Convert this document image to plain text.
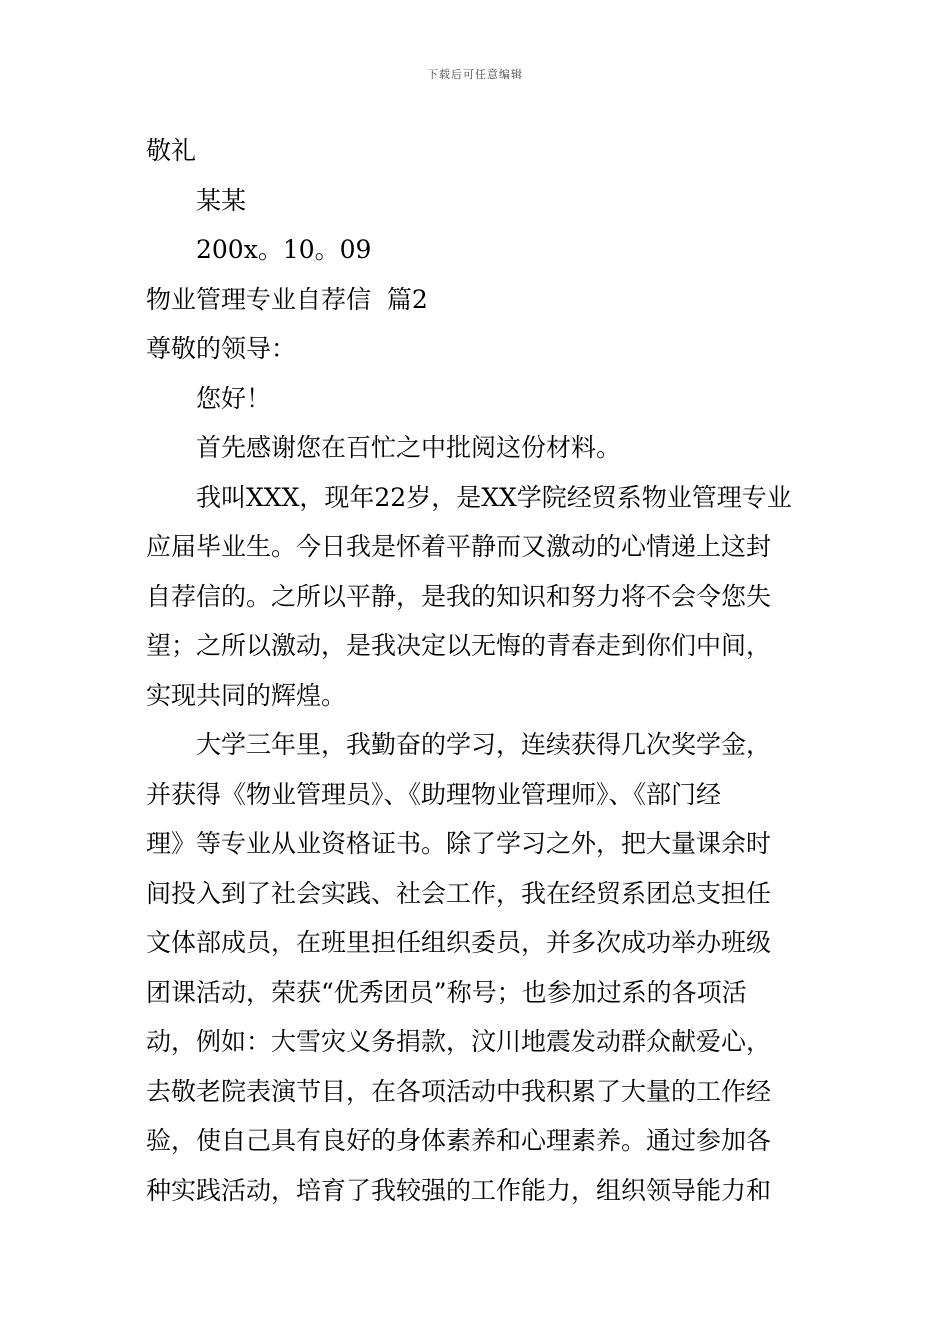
下载后可任意编辑

敬礼

某某

200x。10。09

物业管理专业自荐信  篇2

尊敬的领导：

您好！

首先感谢您在百忙之中批阅这份材料。

我叫XXX，现年22岁，是XX学院经贸系物业管理专业

应届毕业生。今日我是怀着平静而又激动的心情递上这封

自荐信的。之所以平静，是我的知识和努力将不会令您失

望；之所以激动，是我决定以无悔的青春走到你们中间，

实现共同的辉煌。

大学三年里，我勤奋的学习，连续获得几次奖学金，

并获得《物业管理员》、《助理物业管理师》、《部门经

理》等专业从业资格证书。除了学习之外，把大量课余时

间投入到了社会实践、社会工作，我在经贸系团总支担任

文体部成员，在班里担任组织委员，并多次成功举办班级

团课活动，荣获“优秀团员”称号；也参加过系的各项活

动，例如：大雪灾义务捐款，汶川地震发动群众献爱心，

去敬老院表演节目，在各项活动中我积累了大量的工作经

验，使自己具有良好的身体素养和心理素养。通过参加各

种实践活动，培育了我较强的工作能力，组织领导能力和
